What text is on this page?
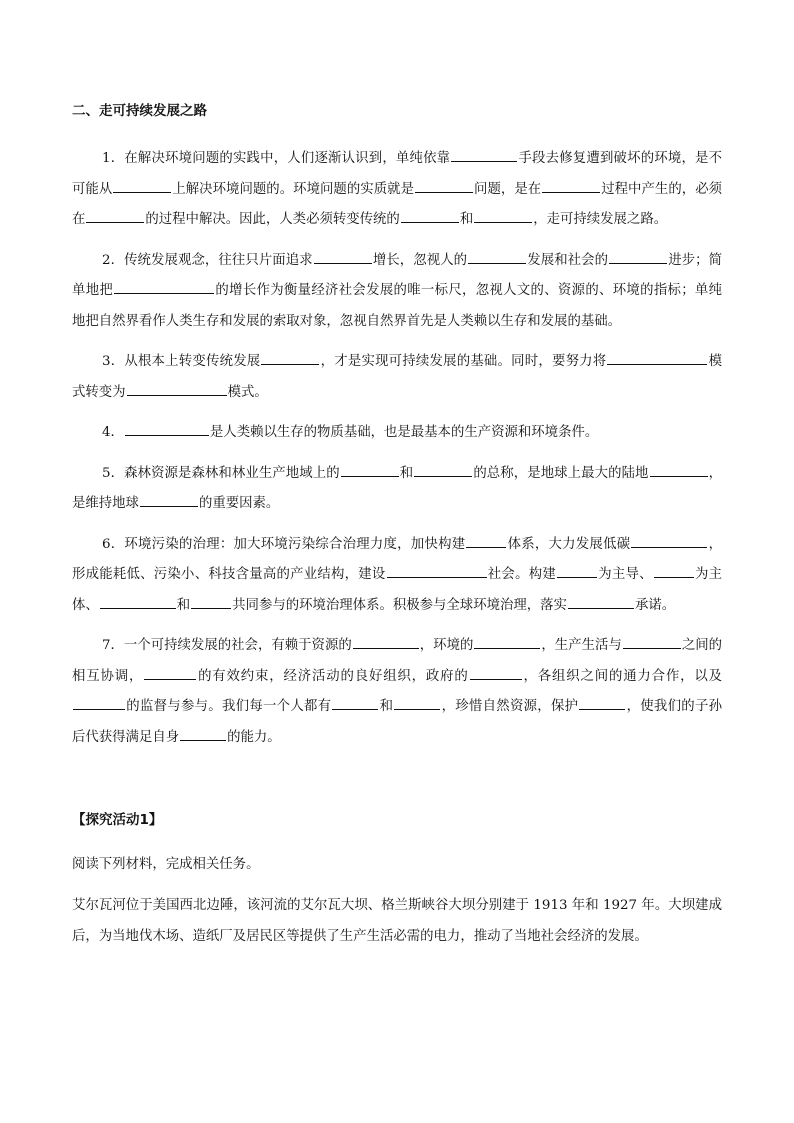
二、走可持续发展之路

1．在解决环境问题的实践中，人们逐渐认识到，单纯依靠	手段去修复遭到破坏的环境，是不可能从	上解决环境问题的。环境问题的实质就是	问题，是在	过程中产生的，必须在	的过程中解决。因此，人类必须转变传统的	和	，走可持续发展之路。

2．传统发展观念，往往只片面追求	增长，忽视人的	发展和社会的	进步；简单地把	的增长作为衡量经济社会发展的唯一标尺，忽视人文的、资源的、环境的指标；单纯地把自然界看作人类生存和发展的索取对象，忽视自然界首先是人类赖以生存和发展的基础。

3．从根本上转变传统发展	，才是实现可持续发展的基础。同时，要努力将	模式转变为	模式。

4．	是人类赖以生存的物质基础，也是最基本的生产资源和环境条件。

5．森林资源是森林和林业生产地域上的	和	的总称，是地球上最大的陆地	，是维持地球	的重要因素。

6．环境污染的治理：加大环境污染综合治理力度，加快构建	体系，大力发展低碳	，形成能耗低、污染小、科技含量高的产业结构，建设	社会。构建	为主导、	为主体、	和	共同参与的环境治理体系。积极参与全球环境治理，落实	承诺。

7．一个可持续发展的社会，有赖于资源的	，环境的	，生产生活与	之间的相互协调，	的有效约束，经济活动的良好组织，政府的	，各组织之间的通力合作，以及的监督与参与。我们每一个人都有	和	，珍惜自然资源，保护	，使我们的子孙后代获得满足自身	的能力。

【探究活动1】

阅读下列材料，完成相关任务。

艾尔瓦河位于美国西北边陲，该河流的艾尔瓦大坝、格兰斯峡谷大坝分别建于 1913 年和 1927 年。大坝建成后，为当地伐木场、造纸厂及居民区等提供了生产生活必需的电力，推动了当地社会经济的发展。
